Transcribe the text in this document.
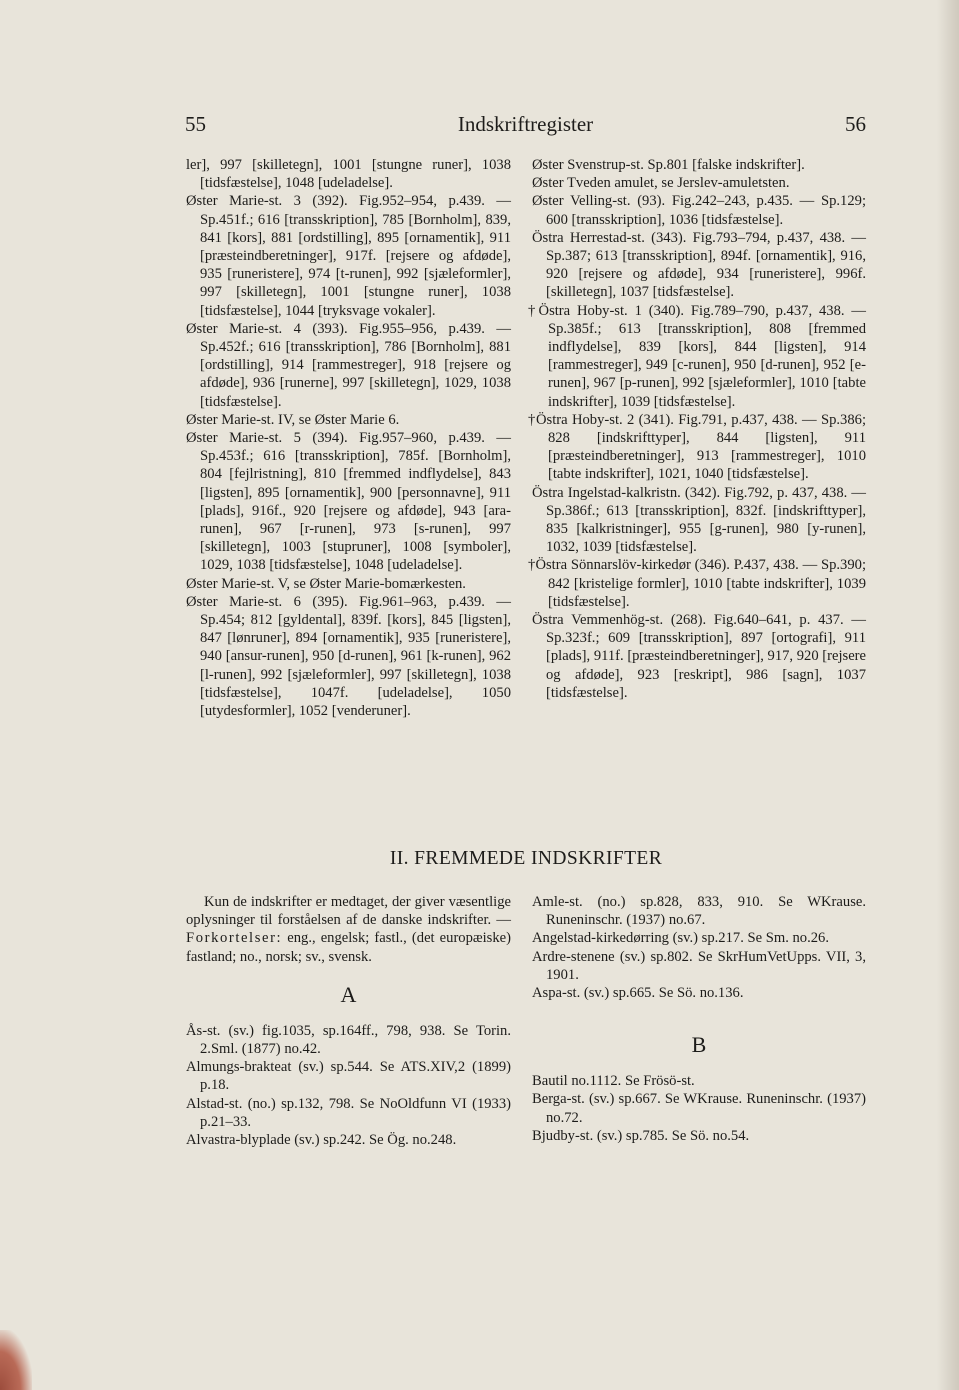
Indskriftregister
55	56

ler], 997 [skilletegn], 1001 [stungne runer], 1038 [tidsfæstelse], 1048 [udeladelse].

Øster Marie-st. 3 (392). Fig.952–954, p.439. — Sp.451f.; 616 [transskription], 785 [Bornholm], 839, 841 [kors], 881 [ordstilling], 895 [ornamentik], 911 [præsteindberetninger], 917f. [rejsere og afdøde], 935 [runeristere], 974 [t-runen], 992 [sjæleformler], 997 [skilletegn], 1001 [stungne runer], 1038 [tidsfæstelse], 1044 [tryksvage vokaler].

Øster Marie-st. 4 (393). Fig.955–956, p.439. — Sp.452f.; 616 [transskription], 786 [Bornholm], 881 [ordstilling], 914 [rammestreger], 918 [rejsere og afdøde], 936 [runerne], 997 [skilletegn], 1029, 1038 [tidsfæstelse].

Øster Marie-st. IV, se Øster Marie 6.

Øster Marie-st. 5 (394). Fig.957–960, p.439. — Sp.453f.; 616 [transskription], 785f. [Bornholm], 804 [fejlristning], 810 [fremmed indflydelse], 843 [ligsten], 895 [ornamentik], 900 [personnavne], 911 [plads], 916f., 920 [rejsere og afdøde], 943 [ara-runen], 967 [r-runen], 973 [s-runen], 997 [skilletegn], 1003 [stupruner], 1008 [symboler], 1029, 1038 [tidsfæstelse], 1048 [udeladelse].

Øster Marie-st. V, se Øster Marie-bomærkesten.

Øster Marie-st. 6 (395). Fig.961–963, p.439. — Sp.454; 812 [gyldental], 839f. [kors], 845 [ligsten], 847 [lønruner], 894 [ornamentik], 935 [runeristere], 940 [ansur-runen], 950 [d-runen], 961 [k-runen], 962 [l-runen], 992 [sjæleformler], 997 [skilletegn], 1038 [tidsfæstelse], 1047f. [udeladelse], 1050 [utydesformler], 1052 [venderuner].

Øster Svenstrup-st. Sp.801 [falske indskrifter].

Øster Tveden amulet, se Jerslev-amuletsten.

Øster Velling-st. (93). Fig.242–243, p.435. — Sp.129; 600 [transskription], 1036 [tidsfæstelse].

Östra Herrestad-st. (343). Fig.793–794, p.437, 438. — Sp.387; 613 [transskription], 894f. [ornamentik], 916, 920 [rejsere og afdøde], 934 [runeristere], 996f. [skilletegn], 1037 [tidsfæstelse].

†Östra Hoby-st. 1 (340). Fig.789–790, p.437, 438. — Sp.385f.; 613 [transskription], 808 [fremmed indflydelse], 839 [kors], 844 [ligsten], 914 [rammestreger], 949 [c-runen], 950 [d-runen], 952 [e-runen], 967 [p-runen], 992 [sjæleformler], 1010 [tabte indskrifter], 1039 [tidsfæstelse].

†Östra Hoby-st. 2 (341). Fig.791, p.437, 438. — Sp.386; 828 [indskrifttyper], 844 [ligsten], 911 [præsteindberetninger], 913 [rammestreger], 1010 [tabte indskrifter], 1021, 1040 [tidsfæstelse].

Östra Ingelstad-kalkristn. (342). Fig.792, p. 437, 438. — Sp.386f.; 613 [transskription], 832f. [indskrifttyper], 835 [kalkristninger], 955 [g-runen], 980 [y-runen], 1032, 1039 [tidsfæstelse].

†Östra Sönnarslöv-kirkedør (346). P.437, 438. — Sp.390; 842 [kristelige formler], 1010 [tabte indskrifter], 1039 [tidsfæstelse].

Östra Vemmenhög-st. (268). Fig.640–641, p. 437. — Sp.323f.; 609 [transskription], 897 [ortografi], 911 [plads], 911f. [præsteindberetninger], 917, 920 [rejsere og afdøde], 923 [reskript], 986 [sagn], 1037 [tidsfæstelse].

II. FREMMEDE INDSKRIFTER

Kun de indskrifter er medtaget, der giver væsentlige oplysninger til forståelsen af de danske indskrifter. — Forkortelser: eng., engelsk; fastl., (det europæiske) fastland; no., norsk; sv., svensk.

A

Ås-st. (sv.) fig.1035, sp.164ff., 798, 938. Se Torin. 2.Sml. (1877) no.42.

Almungs-brakteat (sv.) sp.544. Se ATS.XIV,2 (1899) p.18.

Alstad-st. (no.) sp.132, 798. Se NoOldfunn VI (1933) p.21–33.

Alvastra-blyplade (sv.) sp.242. Se Ög. no.248.

Amle-st. (no.) sp.828, 833, 910. Se WKrause. Runeninschr. (1937) no.67.

Angelstad-kirkedørring (sv.) sp.217. Se Sm. no.26.

Ardre-stenene (sv.) sp.802. Se SkrHumVetUpps. VII, 3, 1901.

Aspa-st. (sv.) sp.665. Se Sö. no.136.

B

Bautil no.1112. Se Frösö-st.

Berga-st. (sv.) sp.667. Se WKrause. Runeninschr. (1937) no.72.

Bjudby-st. (sv.) sp.785. Se Sö. no.54.
